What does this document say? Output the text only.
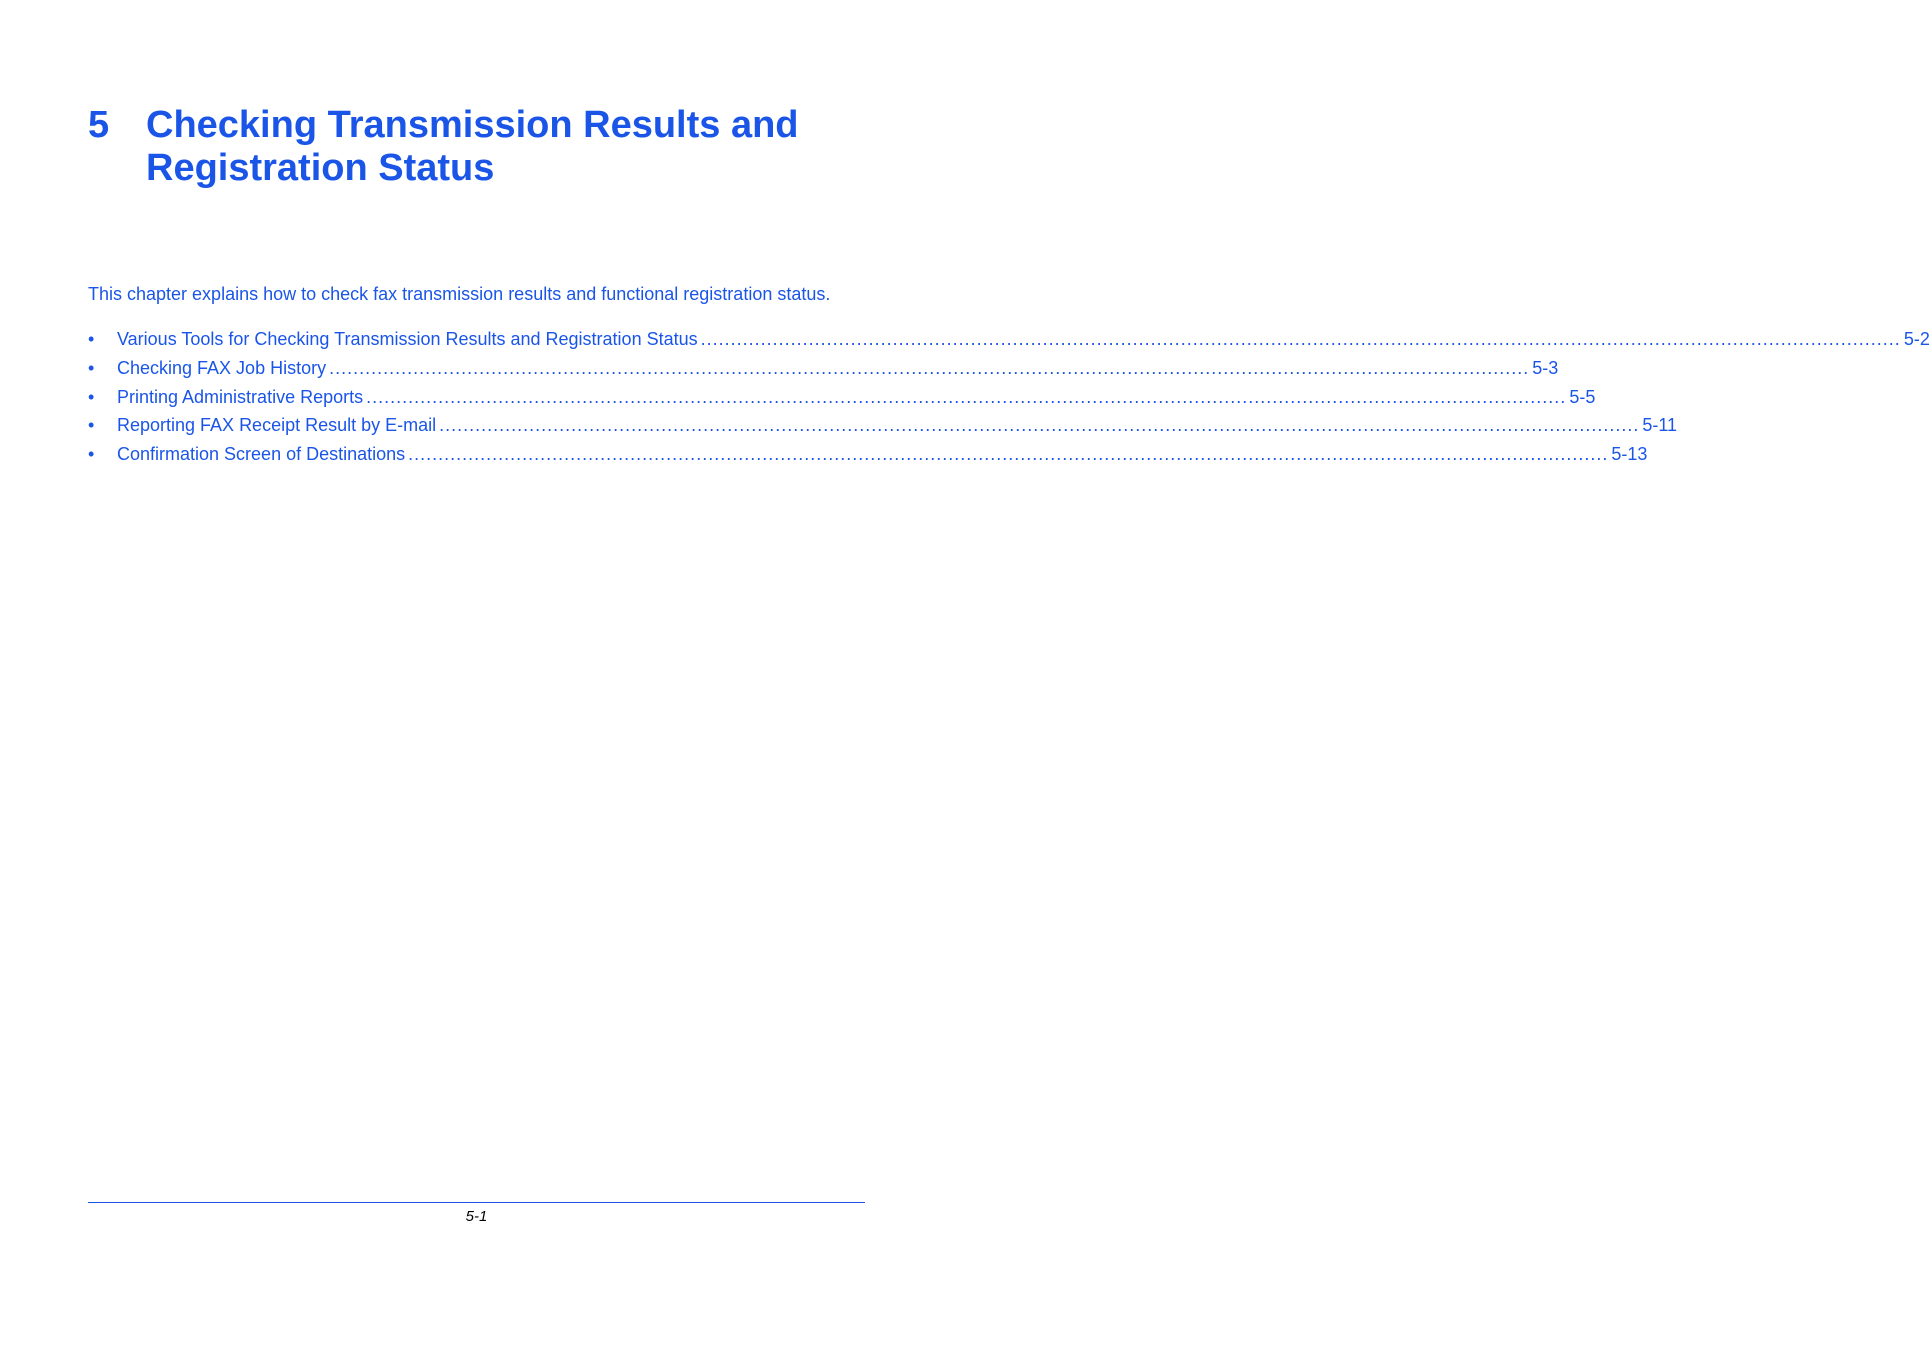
5 Checking Transmission Results and Registration Status
This chapter explains how to check fax transmission results and functional registration status.
•	Various Tools for Checking Transmission Results and Registration Status ........................................................................................................................................................................................................ 5-2
•	Checking FAX Job History ........................................................................................................................................................................................................ 5-3
•	Printing Administrative Reports ........................................................................................................................................................................................................ 5-5
•	Reporting FAX Receipt Result by E-mail ........................................................................................................................................................................................................ 5-11
•	Confirmation Screen of Destinations ........................................................................................................................................................................................................ 5-13
5-1
